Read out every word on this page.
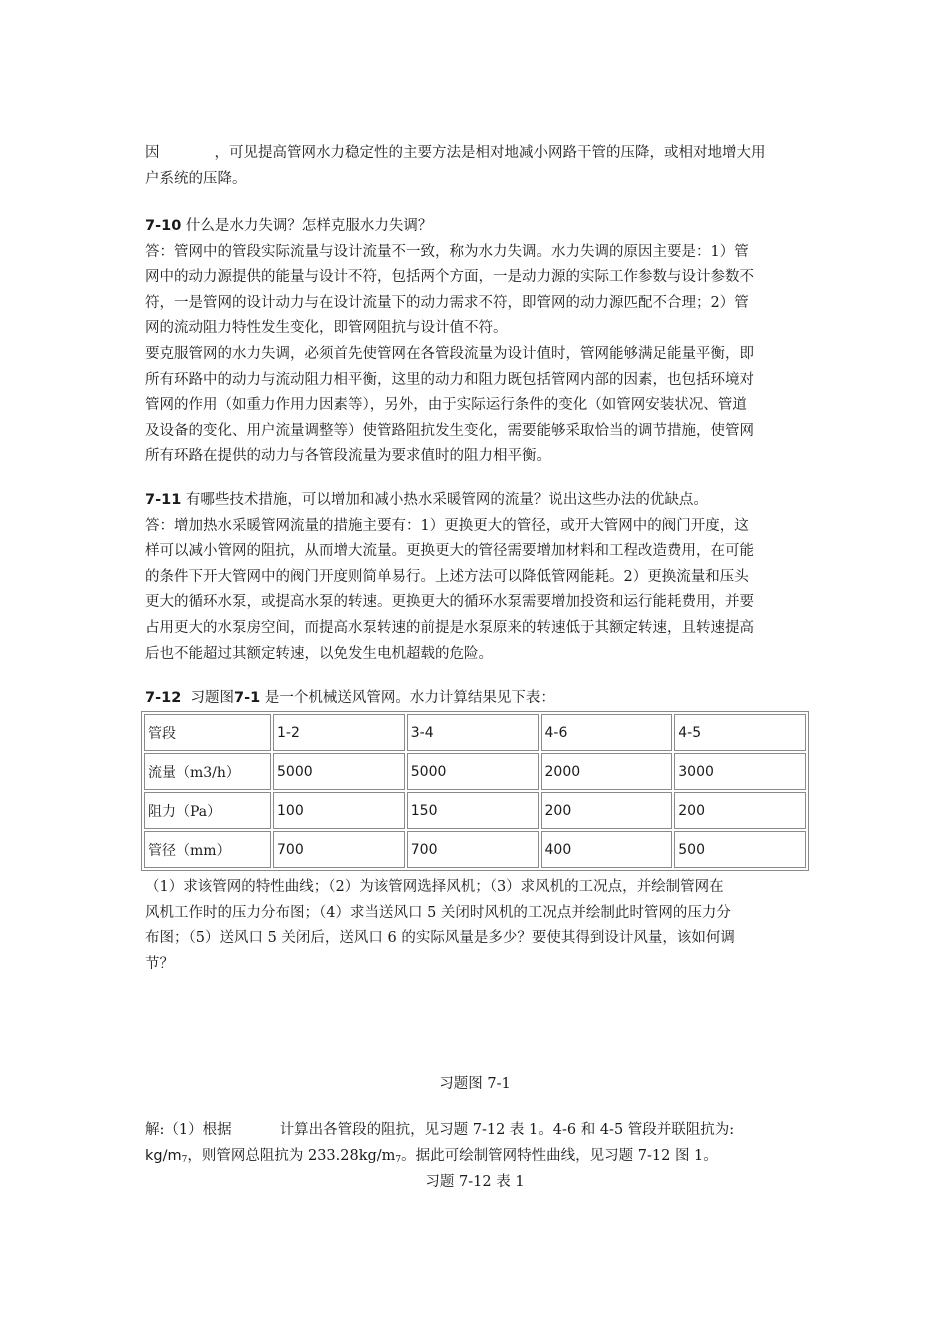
因	，可见提高管网水力稳定性的主要方法是相对地减小网路干管的压降，或相对地增大用
户系统的压降。

7-10 什么是水力失调？怎样克服水力失调？
答：管网中的管段实际流量与设计流量不一致，称为水力失调。水力失调的原因主要是：1）管
网中的动力源提供的能量与设计不符，包括两个方面，一是动力源的实际工作参数与设计参数不
符，一是管网的设计动力与在设计流量下的动力需求不符，即管网的动力源匹配不合理；2）管
网的流动阻力特性发生变化，即管网阻抗与设计值不符。
要克服管网的水力失调，必须首先使管网在各管段流量为设计值时，管网能够满足能量平衡，即
所有环路中的动力与流动阻力相平衡，这里的动力和阻力既包括管网内部的因素，也包括环境对
管网的作用（如重力作用力因素等），另外，由于实际运行条件的变化（如管网安装状况、管道
及设备的变化、用户流量调整等）使管路阻抗发生变化，需要能够采取恰当的调节措施，使管网
所有环路在提供的动力与各管段流量为要求值时的阻力相平衡。

7-11 有哪些技术措施，可以增加和减小热水采暖管网的流量？说出这些办法的优缺点。
答：增加热水采暖管网流量的措施主要有：1）更换更大的管径，或开大管网中的阀门开度，这
样可以减小管网的阻抗，从而增大流量。更换更大的管径需要增加材料和工程改造费用，在可能
的条件下开大管网中的阀门开度则简单易行。上述方法可以降低管网能耗。2）更换流量和压头
更大的循环水泵，或提高水泵的转速。更换更大的循环水泵需要增加投资和运行能耗费用，并要
占用更大的水泵房空间，而提高水泵转速的前提是水泵原来的转速低于其额定转速，且转速提高
后也不能超过其额定转速，以免发生电机超载的危险。

7-12 习题图7-1 是一个机械送风管网。水力计算结果见下表：

管段	1-2	3-4	4-6	4-5
流量（m3/h）	5000	5000	2000	3000
阻力（Pa）	100	150	200	200
管径（mm）	700	700	400	500

（1）求该管网的特性曲线；（2）为该管网选择风机；（3）求风机的工况点，并绘制管网在
风机工作时的压力分布图；（4）求当送风口 5 关闭时风机的工况点并绘制此时管网的压力分
布图；（5）送风口 5 关闭后，送风口 6 的实际风量是多少？要使其得到设计风量，该如何调
节？

习题图 7-1

解:（1）根据	计算出各管段的阻抗，见习题 7-12 表 1。4-6 和 4-5 管段并联阻抗为:
$kg/m^7$，则管网总阻抗为 $233.28kg/m^7$。据此可绘制管网特性曲线，见习题 7-12 图 1。

习题 7-12 表 1
